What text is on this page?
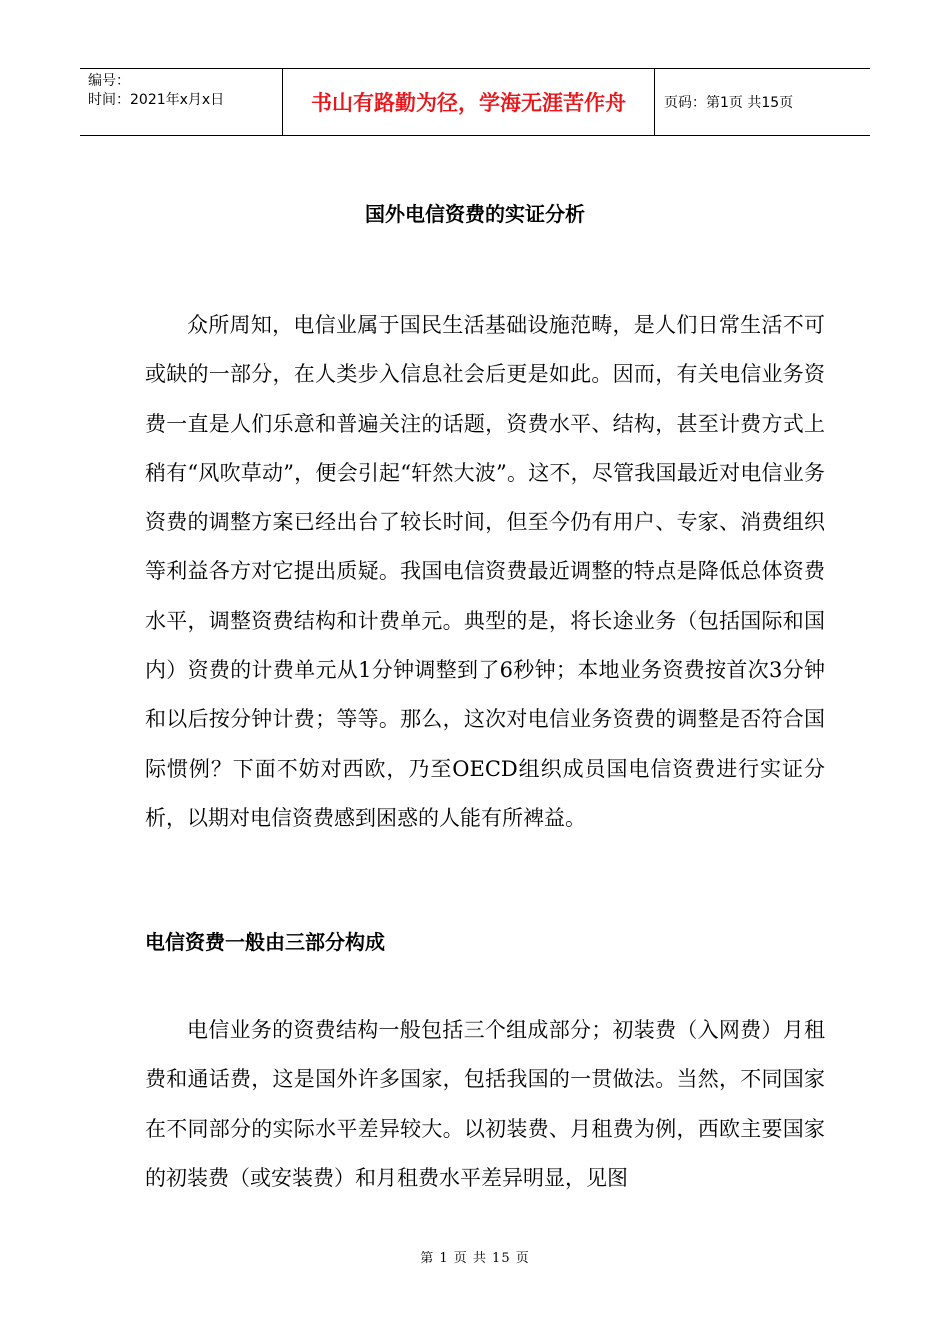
编号：
时间：2021年x月x日	书山有路勤为径，学海无涯苦作舟	页码：第1页 共15页
国外电信资费的实证分析

众所周知，电信业属于国民生活基础设施范畴，是人们日常生活不可或缺的一部分，在人类步入信息社会后更是如此。因而，有关电信业务资费一直是人们乐意和普遍关注的话题，资费水平、结构，甚至计费方式上稍有“风吹草动”，便会引起“轩然大波”。这不，尽管我国最近对电信业务资费的调整方案已经出台了较长时间，但至今仍有用户、专家、消费组织等利益各方对它提出质疑。我国电信资费最近调整的特点是降低总体资费水平，调整资费结构和计费单元。典型的是，将长途业务（包括国际和国内）资费的计费单元从1分钟调整到了6秒钟；本地业务资费按首次3分钟和以后按分钟计费；等等。那么，这次对电信业务资费的调整是否符合国际惯例？下面不妨对西欧，乃至OECD组织成员国电信资费进行实证分析，以期对电信资费感到困惑的人能有所裨益。

电信资费一般由三部分构成

电信业务的资费结构一般包括三个组成部分；初装费（入网费）月租费和通话费，这是国外许多国家，包括我国的一贯做法。当然，不同国家在不同部分的实际水平差异较大。以初装费、月租费为例，西欧主要国家的初装费（或安装费）和月租费水平差异明显，见图

第 1 页 共 15 页
